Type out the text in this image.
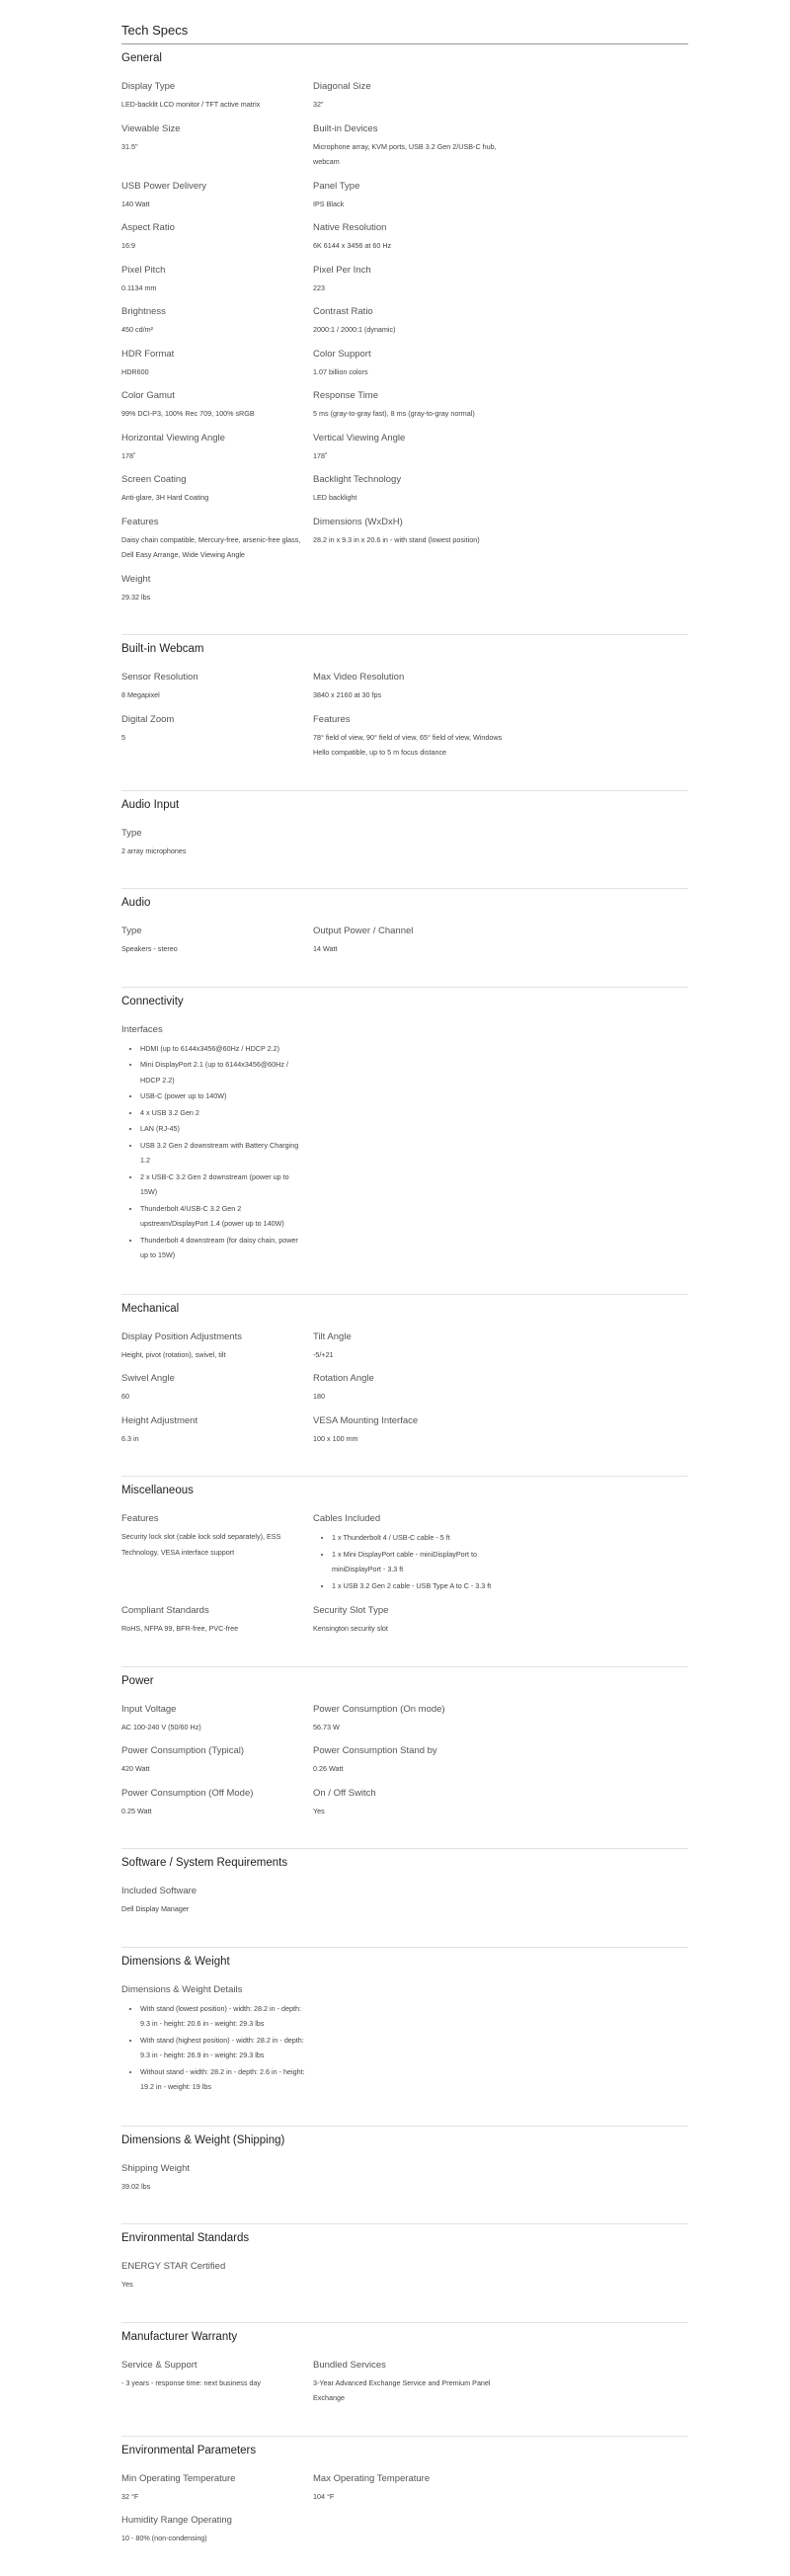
Tech Specs
General
Display Type
LED-backlit LCD monitor / TFT active matrix
Diagonal Size
32"
Viewable Size
31.5"
Built-in Devices
Microphone array, KVM ports, USB 3.2 Gen 2/USB-C hub, webcam
USB Power Delivery
140 Watt
Panel Type
IPS Black
Aspect Ratio
16:9
Native Resolution
6K 6144 x 3456 at 60 Hz
Pixel Pitch
0.1134 mm
Pixel Per Inch
223
Brightness
450 cd/m²
Contrast Ratio
2000:1 / 2000:1 (dynamic)
HDR Format
HDR600
Color Support
1.07 billion colors
Color Gamut
99% DCI-P3, 100% Rec 709, 100% sRGB
Response Time
5 ms (gray-to-gray fast), 8 ms (gray-to-gray normal)
Horizontal Viewing Angle
178˚
Vertical Viewing Angle
178˚
Screen Coating
Anti-glare, 3H Hard Coating
Backlight Technology
LED backlight
Features
Daisy chain compatible, Mercury-free, arsenic-free glass, Dell Easy Arrange, Wide Viewing Angle
Dimensions (WxDxH)
28.2 in x 9.3 in x 20.6 in - with stand (lowest position)
Weight
29.32 lbs
Built-in Webcam
Sensor Resolution
8 Megapixel
Max Video Resolution
3840 x 2160 at 30 fps
Digital Zoom
5
Features
78° field of view, 90° field of view, 65° field of view, Windows Hello compatible, up to 5 m focus distance
Audio Input
Type
2 array microphones
Audio
Type
Speakers - stereo
Output Power / Channel
14 Watt
Connectivity
Interfaces
• HDMI (up to 6144x3456@60Hz / HDCP 2.2)
• Mini DisplayPort 2.1 (up to 6144x3456@60Hz / HDCP 2.2)
• USB-C (power up to 140W)
• 4 x USB 3.2 Gen 2
• LAN (RJ-45)
• USB 3.2 Gen 2 downstream with Battery Charging 1.2
• 2 x USB-C 3.2 Gen 2 downstream (power up to 15W)
• Thunderbolt 4/USB-C 3.2 Gen 2 upstream/DisplayPort 1.4 (power up to 140W)
• Thunderbolt 4 downstream (for daisy chain, power up to 15W)
Mechanical
Display Position Adjustments
Height, pivot (rotation), swivel, tilt
Tilt Angle
-5/+21
Swivel Angle
60
Rotation Angle
180
Height Adjustment
6.3 in
VESA Mounting Interface
100 x 100 mm
Miscellaneous
Features
Security lock slot (cable lock sold separately), ESS Technology, VESA interface support
Cables Included
• 1 x Thunderbolt 4 / USB-C cable - 5 ft
• 1 x Mini DisplayPort cable - miniDisplayPort to miniDisplayPort - 3.3 ft
• 1 x USB 3.2 Gen 2 cable - USB Type A to C - 3.3 ft
Compliant Standards
RoHS, NFPA 99, BFR-free, PVC-free
Security Slot Type
Kensington security slot
Power
Input Voltage
AC 100-240 V (50/60 Hz)
Power Consumption (On mode)
56.73 W
Power Consumption (Typical)
420 Watt
Power Consumption Stand by
0.26 Watt
Power Consumption (Off Mode)
0.25 Watt
On / Off Switch
Yes
Software / System Requirements
Included Software
Dell Display Manager
Dimensions & Weight
Dimensions & Weight Details
• With stand (lowest position) - width: 28.2 in - depth: 9.3 in - height: 20.6 in - weight: 29.3 lbs
• With stand (highest position) - width: 28.2 in - depth: 9.3 in - height: 26.9 in - weight: 29.3 lbs
• Without stand - width: 28.2 in - depth: 2.6 in - height: 19.2 in - weight: 19 lbs
Dimensions & Weight (Shipping)
Shipping Weight
39.02 lbs
Environmental Standards
ENERGY STAR Certified
Yes
Manufacturer Warranty
Service & Support
- 3 years - response time: next business day
Bundled Services
3-Year Advanced Exchange Service and Premium Panel Exchange
Environmental Parameters
Min Operating Temperature
32 °F
Max Operating Temperature
104 °F
Humidity Range Operating
10 - 80% (non-condensing)
